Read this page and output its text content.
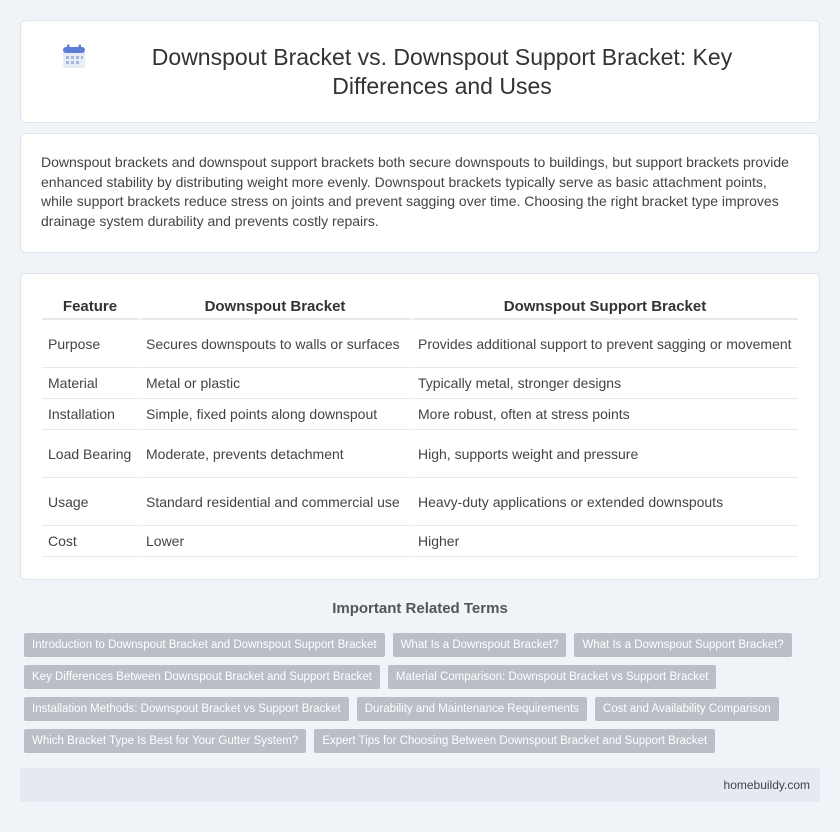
Downspout Bracket vs. Downspout Support Bracket: Key Differences and Uses

Downspout brackets and downspout support brackets both secure downspouts to buildings, but support brackets provide enhanced stability by distributing weight more evenly. Downspout brackets typically serve as basic attachment points, while support brackets reduce stress on joints and prevent sagging over time. Choosing the right bracket type improves drainage system durability and prevents costly repairs.

Feature	Downspout Bracket	Downspout Support Bracket
Purpose	Secures downspouts to walls or surfaces	Provides additional support to prevent sagging or movement
Material	Metal or plastic	Typically metal, stronger designs
Installation	Simple, fixed points along downspout	More robust, often at stress points
Load Bearing	Moderate, prevents detachment	High, supports weight and pressure
Usage	Standard residential and commercial use	Heavy-duty applications or extended downspouts
Cost	Lower	Higher
Important Related Terms
Introduction to Downspout Bracket and Downspout Support Bracket	What Is a Downspout Bracket?	What Is a Downspout Support Bracket?
Key Differences Between Downspout Bracket and Support Bracket	Material Comparison: Downspout Bracket vs Support Bracket
Installation Methods: Downspout Bracket vs Support Bracket	Durability and Maintenance Requirements	Cost and Availability Comparison
Which Bracket Type Is Best for Your Gutter System?	Expert Tips for Choosing Between Downspout Bracket and Support Bracket
homebuildy.com
